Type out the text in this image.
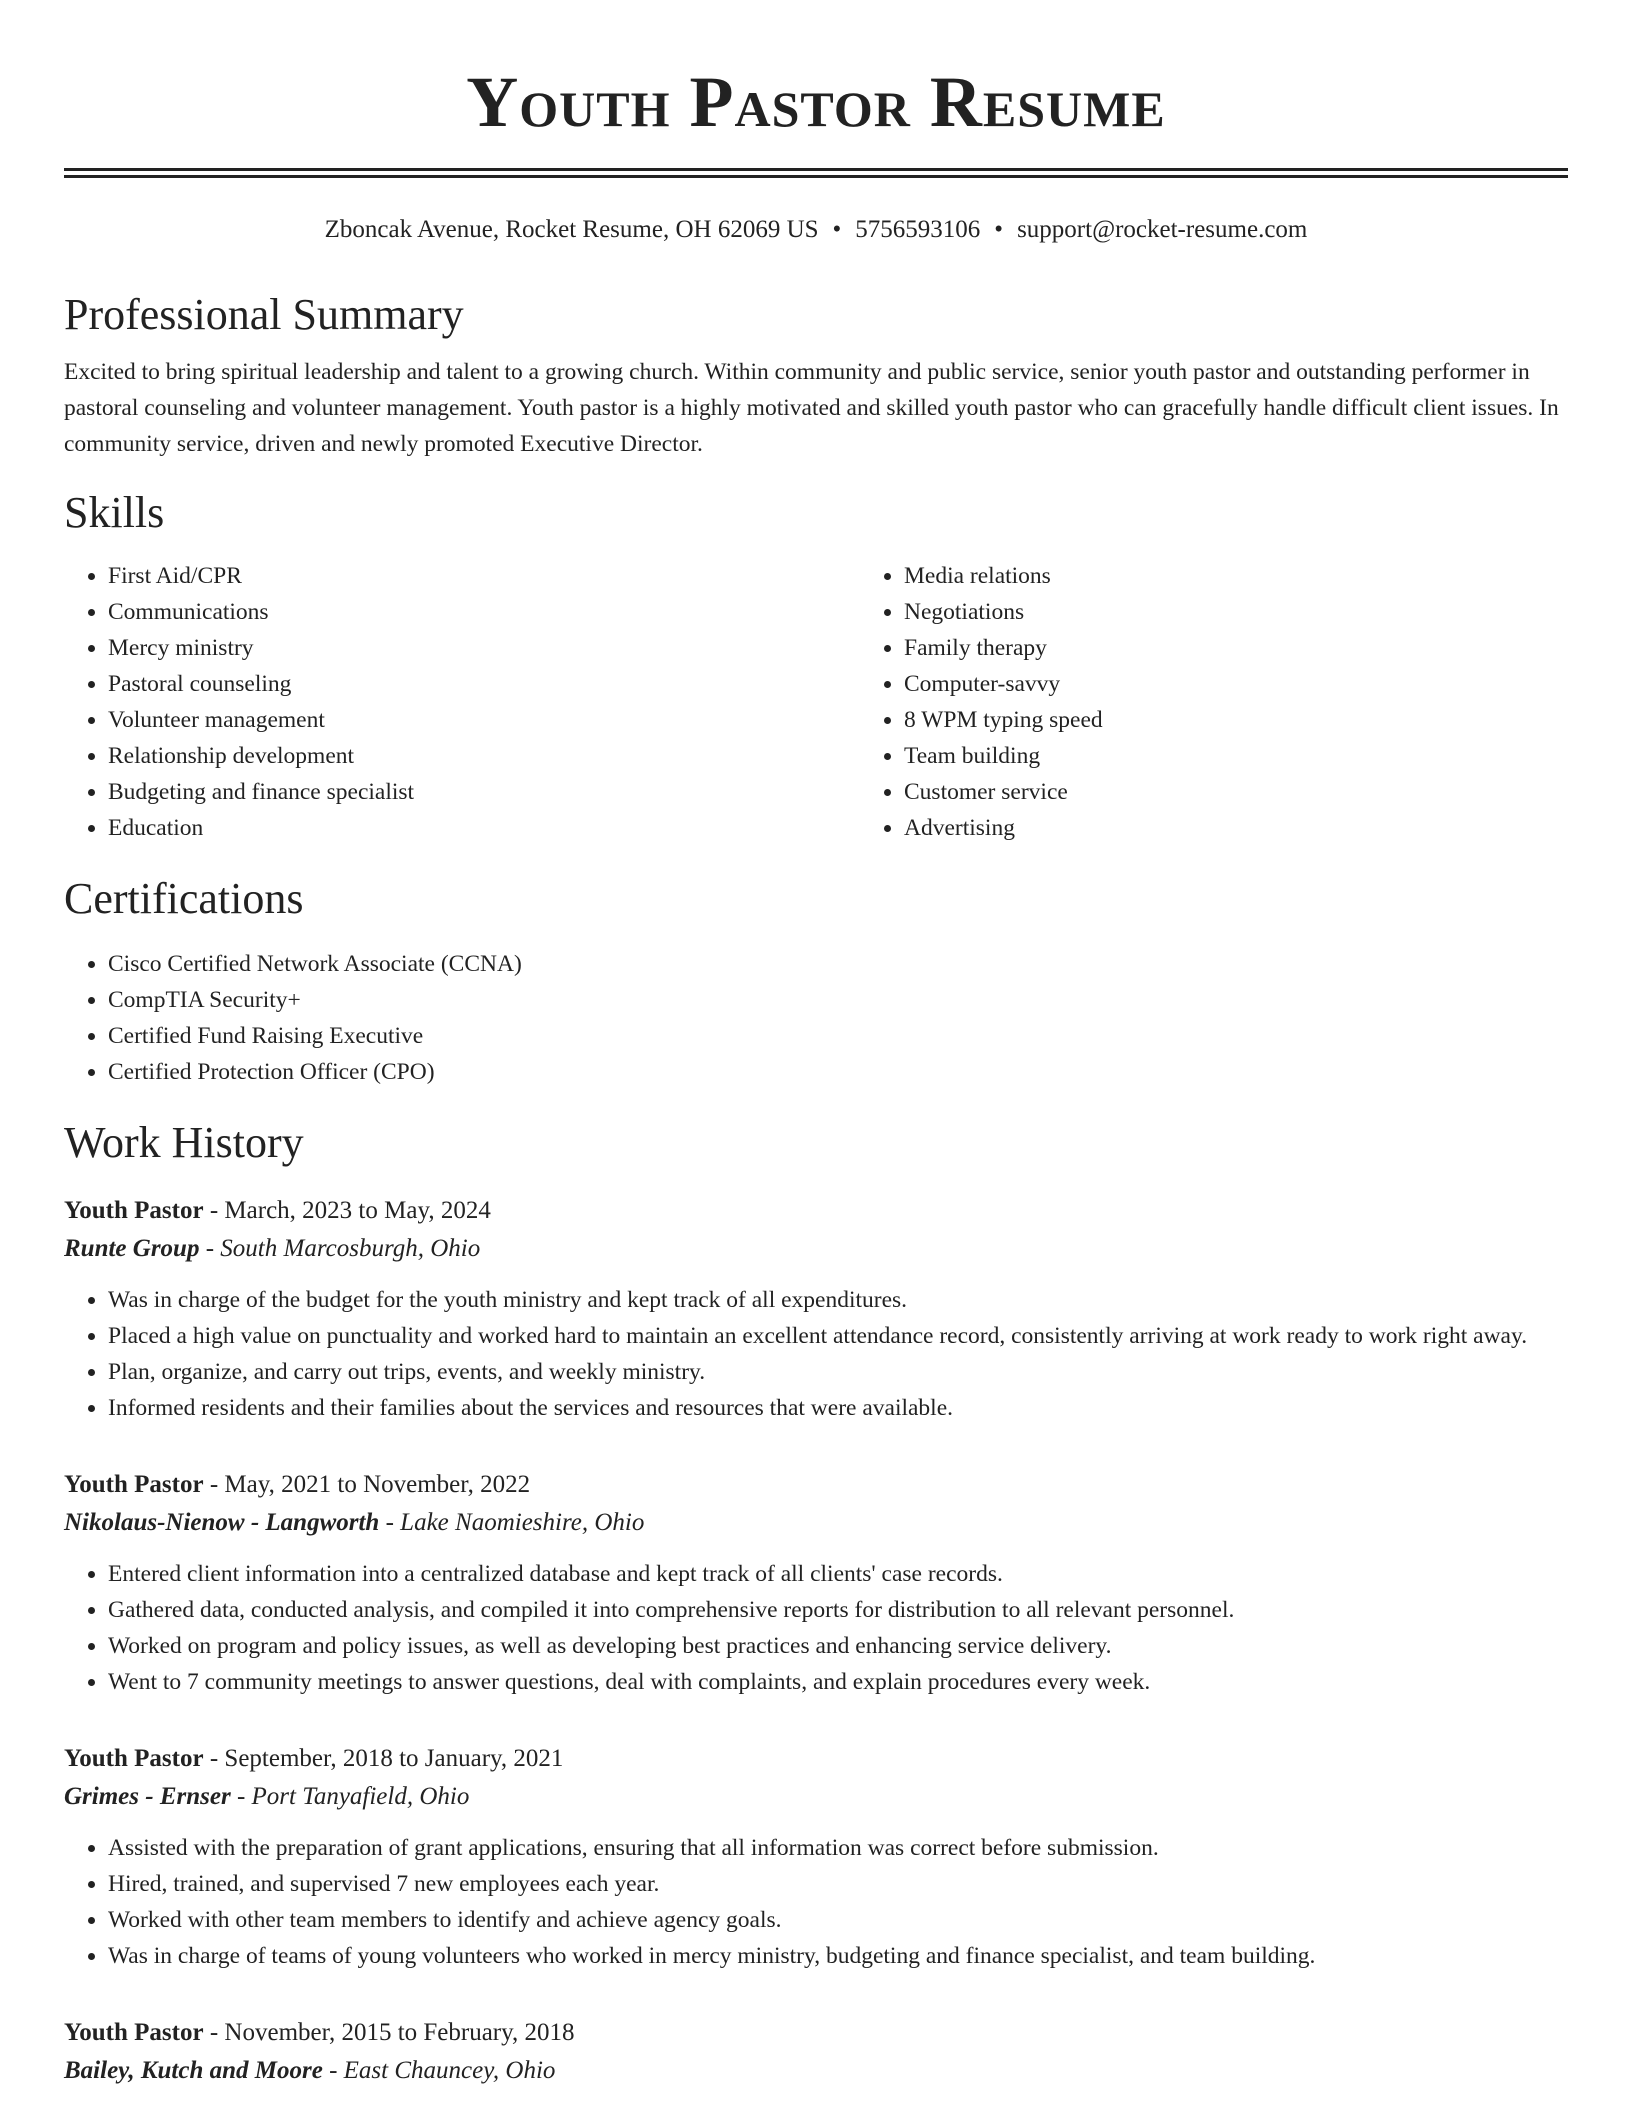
Youth Pastor Resume
Zboncak Avenue, Rocket Resume, OH 62069 US • 5756593106 • support@rocket-resume.com
Professional Summary

Excited to bring spiritual leadership and talent to a growing church. Within community and public service, senior youth pastor and outstanding performer in pastoral counseling and volunteer management. Youth pastor is a highly motivated and skilled youth pastor who can gracefully handle difficult client issues. In community service, driven and newly promoted Executive Director.

Skills
• First Aid/CPR
• Communications
• Mercy ministry
• Pastoral counseling
• Volunteer management
• Relationship development
• Budgeting and finance specialist
• Education
• Media relations
• Negotiations
• Family therapy
• Computer-savvy
• 8 WPM typing speed
• Team building
• Customer service
• Advertising
Certifications
• Cisco Certified Network Associate (CCNA)
• CompTIA Security+
• Certified Fund Raising Executive
• Certified Protection Officer (CPO)
Work History
Youth Pastor - March, 2023 to May, 2024
Runte Group - South Marcosburgh, Ohio
• Was in charge of the budget for the youth ministry and kept track of all expenditures.
• Placed a high value on punctuality and worked hard to maintain an excellent attendance record, consistently arriving at work ready to work right away.
• Plan, organize, and carry out trips, events, and weekly ministry.
• Informed residents and their families about the services and resources that were available.
Youth Pastor - May, 2021 to November, 2022
Nikolaus-Nienow - Langworth - Lake Naomieshire, Ohio
• Entered client information into a centralized database and kept track of all clients' case records.
• Gathered data, conducted analysis, and compiled it into comprehensive reports for distribution to all relevant personnel.
• Worked on program and policy issues, as well as developing best practices and enhancing service delivery.
• Went to 7 community meetings to answer questions, deal with complaints, and explain procedures every week.
Youth Pastor - September, 2018 to January, 2021
Grimes - Ernser - Port Tanyafield, Ohio
• Assisted with the preparation of grant applications, ensuring that all information was correct before submission.
• Hired, trained, and supervised 7 new employees each year.
• Worked with other team members to identify and achieve agency goals.
• Was in charge of teams of young volunteers who worked in mercy ministry, budgeting and finance specialist, and team building.
Youth Pastor - November, 2015 to February, 2018
Bailey, Kutch and Moore - East Chauncey, Ohio
